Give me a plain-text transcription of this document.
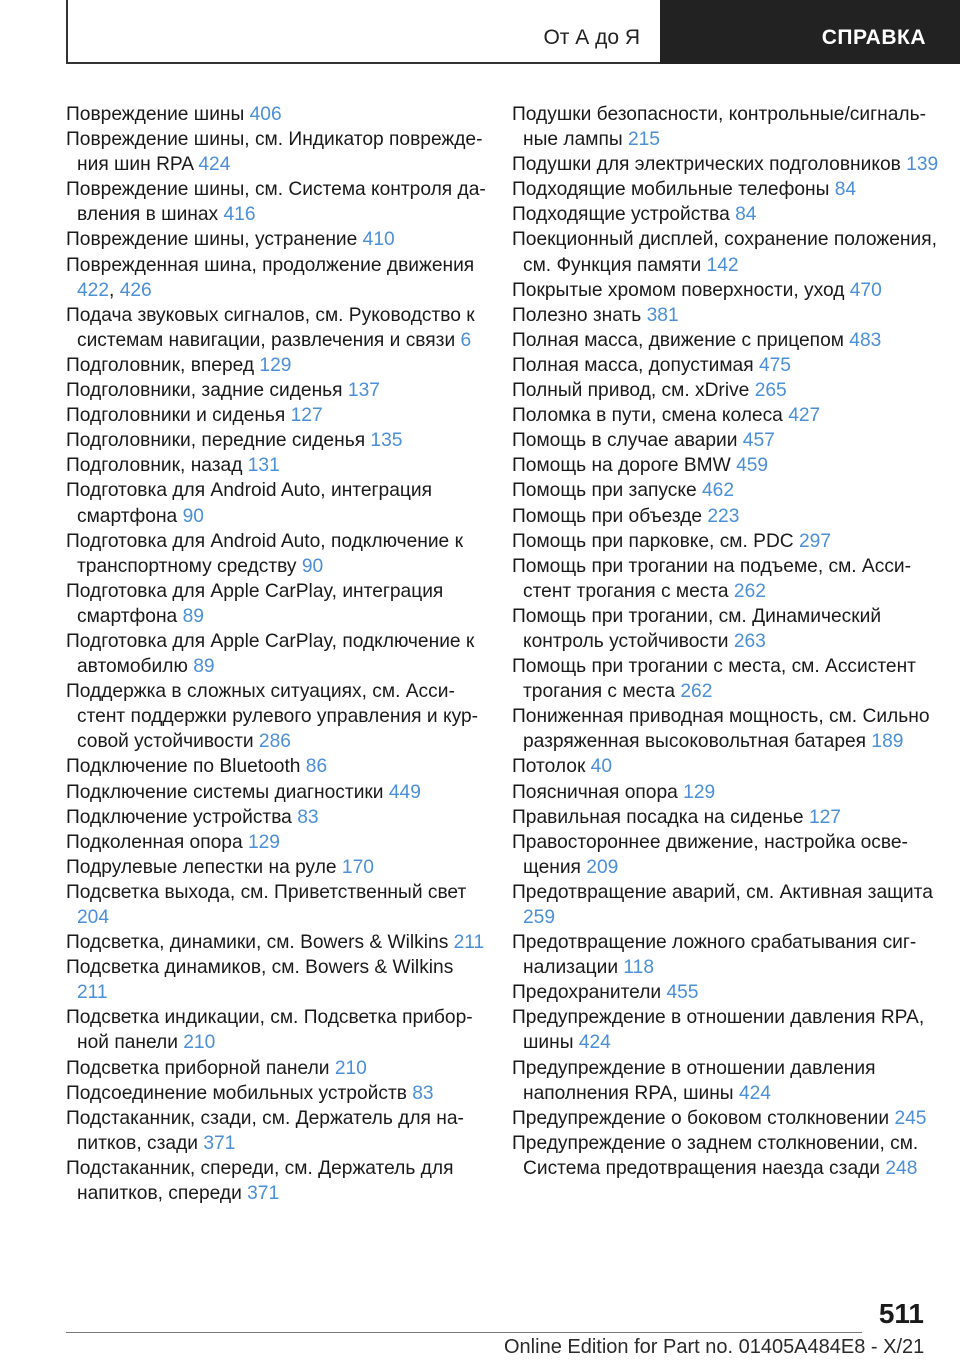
От А до Я	СПРАВКА
Повреждение шины 406
Повреждение шины, см. Индикатор повреждения шин RPA 424
Повреждение шины, см. Система контроля давления в шинах 416
Повреждение шины, устранение 410
Поврежденная шина, продолжение движения 422, 426
Подача звуковых сигналов, см. Руководство к системам навигации, развлечения и связи 6
Подголовник, вперед 129
Подголовники, задние сиденья 137
Подголовники и сиденья 127
Подголовники, передние сиденья 135
Подголовник, назад 131
Подготовка для Android Auto, интеграция смартфона 90
Подготовка для Android Auto, подключение к транспортному средству 90
Подготовка для Apple CarPlay, интеграция смартфона 89
Подготовка для Apple CarPlay, подключение к автомобилю 89
Поддержка в сложных ситуациях, см. Ассистент поддержки рулевого управления и курсовой устойчивости 286
Подключение по Bluetooth 86
Подключение системы диагностики 449
Подключение устройства 83
Подколенная опора 129
Подрулевые лепестки на руле 170
Подсветка выхода, см. Приветственный свет 204
Подсветка, динамики, см. Bowers & Wilkins 211
Подсветка динамиков, см. Bowers & Wilkins 211
Подсветка индикации, см. Подсветка приборной панели 210
Подсветка приборной панели 210
Подсоединение мобильных устройств 83
Подстаканник, сзади, см. Держатель для напитков, сзади 371
Подстаканник, спереди, см. Держатель для напитков, спереди 371
Подушки безопасности, контрольные/сигнальные лампы 215
Подушки для электрических подголовников 139
Подходящие мобильные телефоны 84
Подходящие устройства 84
Поекционный дисплей, сохранение положения, см. Функция памяти 142
Покрытые хромом поверхности, уход 470
Полезно знать 381
Полная масса, движение с прицепом 483
Полная масса, допустимая 475
Полный привод, см. xDrive 265
Поломка в пути, смена колеса 427
Помощь в случае аварии 457
Помощь на дороге BMW 459
Помощь при запуске 462
Помощь при объезде 223
Помощь при парковке, см. PDC 297
Помощь при трогании на подъеме, см. Ассистент трогания с места 262
Помощь при трогании, см. Динамический контроль устойчивости 263
Помощь при трогании с места, см. Ассистент трогания с места 262
Пониженная приводная мощность, см. Сильно разряженная высоковольтная батарея 189
Потолок 40
Поясничная опора 129
Правильная посадка на сиденье 127
Правостороннее движение, настройка освещения 209
Предотвращение аварий, см. Активная защита 259
Предотвращение ложного срабатывания сигнализации 118
Предохранители 455
Предупреждение в отношении давления RPA, шины 424
Предупреждение в отношении давления наполнения RPA, шины 424
Предупреждение о боковом столкновении 245
Предупреждение о заднем столкновении, см. Система предотвращения наезда сзади 248
511
Online Edition for Part no. 01405A484E8 - X/21
